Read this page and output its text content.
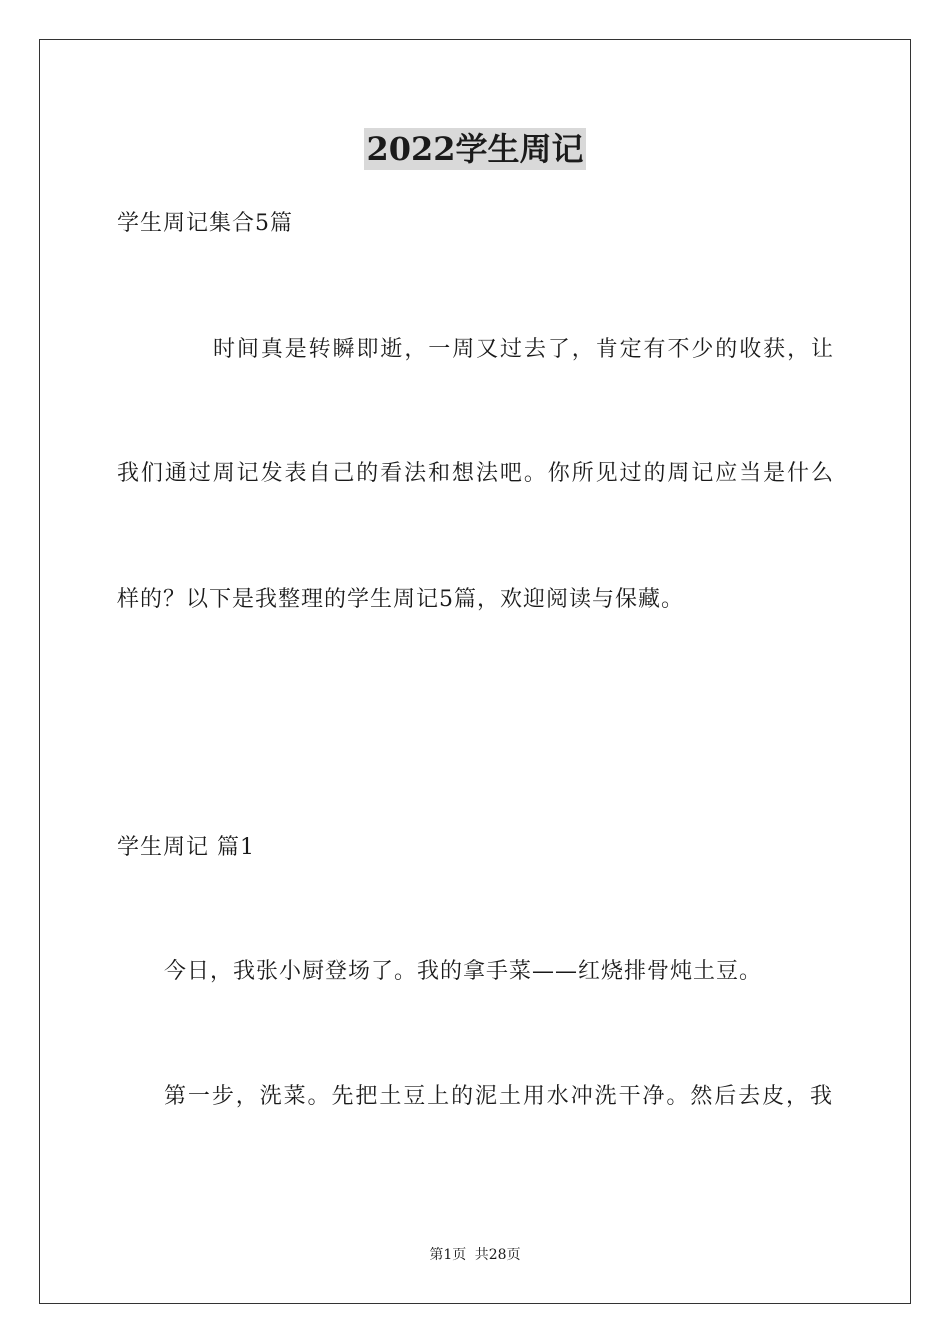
2022学生周记
学生周记集合5篇
时间真是转瞬即逝，一周又过去了，肯定有不少的收获，让
我们通过周记发表自己的看法和想法吧。你所见过的周记应当是什么
样的？以下是我整理的学生周记5篇，欢迎阅读与保藏。
学生周记 篇1
今日，我张小厨登场了。我的拿手菜——红烧排骨炖土豆。
第一步，洗菜。先把土豆上的泥土用水冲洗干净。然后去皮，我
第1页 共28页
